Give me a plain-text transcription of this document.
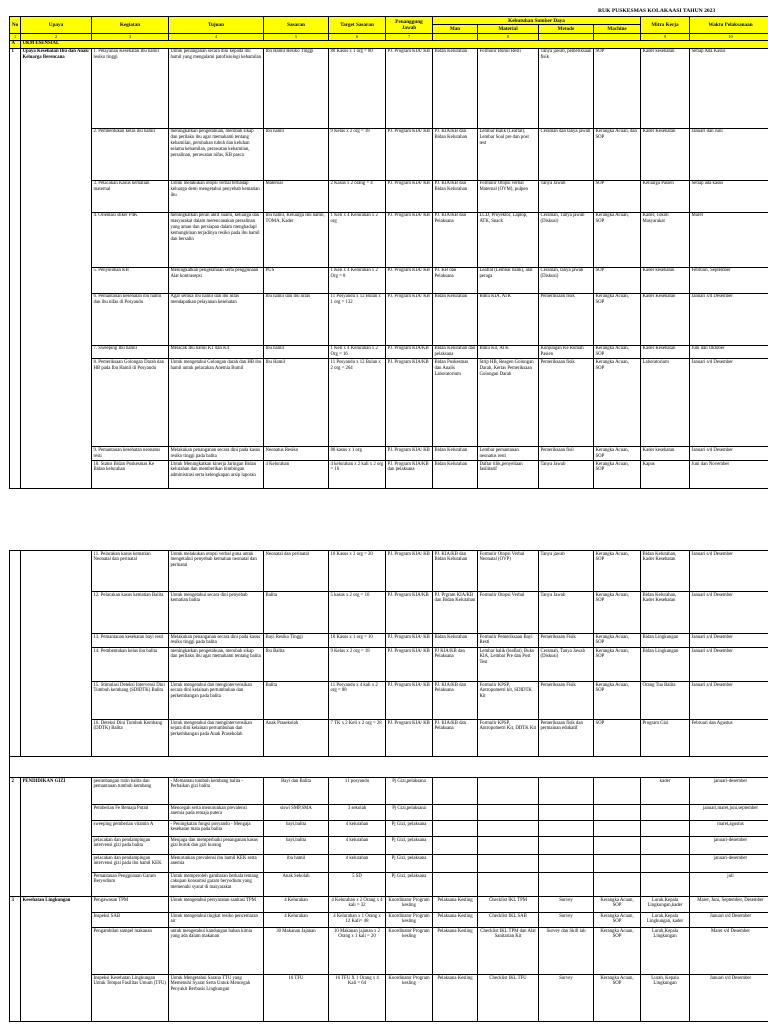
RUK PUSKESMAS KOLAKAASI TAHUN 2023
No	Upaya	Kegiatan	Tujuan	Sasaran	Target Sasaran	Penanggung Jawab	Kebutuhan Sumber Daya				Mitra Kerja	Waktu Pelaksanaan
							Man	Material	Metode	Machine		
1	2	3	4	5	6	7		8			9	10
A	UKM ESENSIAL											
1	Upaya Kesehatan Ibu dan Anak/ Keluarga Berencana	1. Pelayanan Kesehatan Ibu hamil resiko tinggi	Untuk penanganan secara dini kepada ibu hamil yang mengalami patofisiologi kehamilan	Ibu Hamil Resiko Tinggi	80 Kasus x 1 org = 80	PJ. Program KIA/ KB	Bidan Kelurahan	Formulir Bumil Resti	Tanya jawab, pemeriksaan fisik	SOP	Kader kesehatan	Setiap Ada Kasus
		2. Pembentukan kelas ibu hamil	meningkatkan pengetahuan, merubah sikap dan perilaku ibu agar memahami tentang kehamilan, perubahan tubuh dan keluhan selama kehamilan, perawatan kehamilan, persalinan, perawatan nifas, KB pasca	Ibu hamil	9 Kelas x 2 org = 18	PJ. Program KIA/ KB	PJ. KIA/KB dan Bidan Kelurahan	Lembar Balik (Leaflat), Lembar Soal pre dan post test	Ceramah dan tanya jawab	Kerangka Acuan, dan SOP	Kader Kesehatan	Januari dan Juni
		3. Pelacakan Kasus kematian maternal	Untuk melakukan otopsi verbal terhadap keluarga demi mengetahui penyebab kematian ibu	Maternal	2 Kasus x 2 orang = 4	PJ. Program KIA/ KB	PJ. KIA/KB dan Bidan Kelurahan	Formulir Otopsi verbal Maternal (OVM), pulpen	Tanya Jawab	SOP	Keluarga Pasien	Setiap ada kasus
		4. Orientasi stiker P4K	meningkatkan peran aktif suami, keluarga dan masyarakat dalam merencanakan persalinan yang aman dan persiapan dalam menghadapi kemungkinan terjadinya resiko pada ibu hamil dan bersalin	Ibu hamil, Keluarga Ibu hamil, TOMA, Kader	1 Keli x 4 Kelurahan x 2 org	PJ. Program KIA/ KB	PJ. KIA/KB dan Pelaksana	LCD, Proyektor, Laptop, ATK, Snack	Ceramah, Tanya jawab (Diskusi)	Kerangka Acuan, SOP	Kader, Tokoh Masyarakat	Maret
		5. Penyuluhan KB	Meningkatkan pengetahuan serta penggunaan Alat kontrasepsi	PUS	1 Keli x 4 Kelurahan x 2 Org = 8	PJ. Program KIA/ KB	PJ. KB dan Pelaksana	Leaflat (Lembar balik), alat peraga	Ceramah, tanya jawab (Diskusi)	SOP	Kader kesehatan	Februari, September
		6. Pemantauan kesehatan ibu hamil dan ibu nifas di Posyandu	Agar semua ibu hamil dan ibu nifas mendapatkan pelayanan kesehatan	Ibu hamil dan ibu nifas	11 Posyandu x 12 Bulan x 1 org = 132	PJ. Program KIA/ KB	Bidan Kelurahan	Buku KIA, ATK	Pemeriksaan fisik	Kerangka Acuan, SOP	Kader Kesehatan	Januari s/d Desember
		7. Sweeping Ibu hamil	Melacak Ibu hamil K1 dan K4	Ibu hamil	1 Keli x 4 Kelurahan x 2 Org = 16	PJ. Program KIA/KB	Bidan Kelurahan dan pelaksana	Buku Kit, ATK	Kunjungan Ke Rumah Pasien	Kerangka Acuan, SOP	Kader Kesehatan	Juni dan Oktober
		8. Pemeriksaan Golongan Darah dan HB pada Ibu Hamil di Posyandu	Untuk mengetahui Golongan darah dan HB ibu hamil untuk pelacakan Anemia Bumil	Ibu Hamil	11 Posyandu x 12 Bulan x 2 org = 264	PJ. Program KIA/KB	Bidan Puskesmas dan Analis Laboratorium	Strip HB, Reagen Golongan Darah, Kertas Pemeriksaan Golongan Darah	Pemeriksaan fisik	Kerangka Acuan, SOP	Laboratorium	Januari s/d Desember
		9. Pemantauan kesehatan neonatus resti	Melakukan penanganan secara dini pada kasus resiko tinggi pada balita	Neonatus Resiko	80 kasus x 1 org	PJ. Program KIA/ KB	Bidan Kelurahan	Lembar pemantauan neonatus resti	Pemeriksaan fisil	Kerangka Acuan, SOP	Kader kesehatan	Januari s/d Desember
		10. Status Bidan Puskesmas Ke Bidan kelurahan	Untuk Meningkatkan kinerja Jaringan Bidan kelurahan dan memberikan bimbingan administrasi serta kelengkapan arsip laporan	4 Kelurahan	4 kelurahan x 2 kali x 2 org = 16	PJ. Program KIA/KB dan pelaksana	Bidan Kelurahan	Daftar tilik,penyeliaan fasilitatif	Tanya Jawab	Kerangka Acuan, SOP	Kapus	Juni dan November
		11. Pelacakan kasus kematian Neonatal dan perinatal	Untuk melakukan otopsi verbal guna untuk mengetahui penyebab kematian neonatal dan perinatal	Neonatal dan perinatal	10 Kasus x 2 org = 20	PJ. Program KIA/ KB	PJ. KIA/KB dan Bidan Kelurahan	Formulir Otopsi Verbal Neonatal (OVP)	Tanya jawab	Kerangka Acuan, SOP	Bidan Kelurahan, Kader Kesehatan	Januari s/d Desember
		12. Pelacakan kasus kematian Balita	Untuk mengetahui secara dini penyebab kematian balita	Balita	5 kasus x 2 org = 10	PJ. Program KIA/KB	PJ. Prgram KIA/KB dan Bidan Kelurahan	Formulir Otopsi Verbal	Tanya Jawab	Kerangka Acuan, SOP	Bidan Kelurahan, Kader Kesehatan	Januari s/d Desember
		13. Pemantauan kesehatan bayi resti	Melakukan penanganan secara dini pada kasus resiko tinggi pada balita	Bayi Resiko Tinggi	10 Kasus x 1 org = 10	PJ. Program KIA/ KB	Bidan Kelurahan	Formulir Pemeriksaan Bayi Resti	Pemeriksaan Fisik	Kerangka Acuan, SOP	Bidan Lingkungan	Januari s/d Desember
		14. Pembentukan kelas ibu balita	meningkatkan pengetahuan, merubah sikap dan perilaku ibu agar memahami tentang balita	Ibu Balita	9 Kelas x 2 org = 18	PJ. Program KIA/ KB	PJ KIA/KB dan Pelaksana	Lembar balik (leaflat), Buku KIA, Lembar Pre dan Post Test	Ceramah, Tanya Jawab (Diskusi)	Kerangka Acuan, SOP	Bidan Lingkungan	Januari s/d Desember
		15. Stimulasi Deteksi Intervensi Dini Tumbuh kembang (SDIDTK) Balita	Untuk mengetahui dan mengintervensikan secara dini kelainan pertumbuhan dan perkembangan pada balita	Balita	11 Posyandu x 4 kali x 2 org = 88	PJ. Program KIA/ KB	PJ. KIA/KB dan Pelaksana	Formulir KPSP, Antropometri kit, SDIDTK Kit	Pemeriksaan Fisik	Kerangka Acuan, SOP	Orang Tua Balita	Januari s/d Desember
		16. Deteksi Dini Tumbuh Kembang (DDTK) Balita	Untuk mengetahui dan mengintervensikan sejara dini kelainan pertumbuhan dan perkembangan pada Anak Prasekolah	Anak Prasekolah	7 TK x 2 Keli x 2 org = 28	PJ. Program KIA/ KB	PJ. KIA/KB dan Pelaksana	Formulir KPSP, Antropometri Kit, DDTK Kit	Pemeriksaan fisik dan permainan edukatif	SOP	Program Gizi	Februari dan Agustus

2	PENDIDIKAN GIZI	penimbangan rutin balita dan pemantauan tumbuh kembang	- Memantau tumbuh kembang balita - Perbaikan gizi balita	Bayi dan Balita	11 posyandu	Pj Gizi,pelaksana					kader	januari-desember
		Pemberian Fe Remaja Putari	Mencegah serta menurunkan prevalensi anemia pada remaja putera	siswi SMP,SMA	3 sekolah	Pj Gizi,pelaksana						januari,maret,juni,september
		sweeping pemberian vitamin A	- Peningkatan fungsi posyandu - Mengaja kesehatan mata pada balita	bayi,balita	4 kelurahan	Pj Gizi, pelaksana						maret,agustus
		pelacakan dan pendampingan intervensi gizi pada balita	Menjaga dan memperbaiki penanganan kasus gizi buruk dan gizi kurang	bayi,balita	4 kelurahan	Pj Gizi, pelaksana						januari-desember
		pelacakan dan pendampingan intervensi gizi pada ibu hamil KEK	Menurunkan prevalensi ibu hamil KEK serta anemia	ibu hamil	4 kelurahan	Pj Gizi, pelaksana						januari-desember
		Pemantauan Penggunaan Garam Beryodium	Untuk memperoleh gambaran berkala tentang cakupan konsumsi garam beryodium yang memenuhi syarat di masyarakat	Anak Sekolah	5 SD	Pj Gizi, pelaksana						juli
3	Kesehatan Lingkungan	Pengawasan TPM	Untuk mengetahui persyaratan sanitasi TPM	4 Kelurahan	4 Kelurahan x 2 Orang x 4 kali = 32	Koordinator Program kesling	Pelaksana Kesling	Checklist IKL TPM	Survey	Kerangka Acuan, SOP	Lurah,Kepala Lingkungan,kader	Maret, Juni, September, Desember
		Inspeksi SAB	Untuk mengetahui tingkat resiko pencemaran air	4 Kelurahan	4 Kelurahan x 1 Orang x 12 Kali= 48	Koordinator Program kesling	Pelaksana Kesling	Checklist IKL SAB	Survey	Kerangka Acuan, SOP	Lurah,Kepala Lingkungan, kader	Januari s/d Desember
		Pengambilan sampel makanan	untuk mengetahui kandungan bahan kimia yang ada dalam makanan	30 Makanan Jajanan	10 Makanan jajanan x 2 Orang x 1 kali = 20	Koordinator Program kesling	Pelaksana Kesling	Checklist IKL TPM dan Alat Sanitarian Kit	Survey dan Skill lab	Kerangka Acuan, SOP	Lurah,Kepala Lingkungan	Maret s/d Desember
		Inspeksi Kesehatan Lingkungan Untuk Tempat Fasilitas Umum (TFU)	Untuk Mengetahui Sarana TTU yang Memenuhi Syarat Serta Untuk Mencegah Penyakit Berbasis Lingkungan	16 TFU	16 TFU X 1 Orang x 4 Kali = 64	Koordinator Program kesling	Pelaksana Kesling	Checklist IKL TFU	Survey	Kerangka Acuan, SOP	Lurah, Kepala Lingkungan	Januari s/d Desember
